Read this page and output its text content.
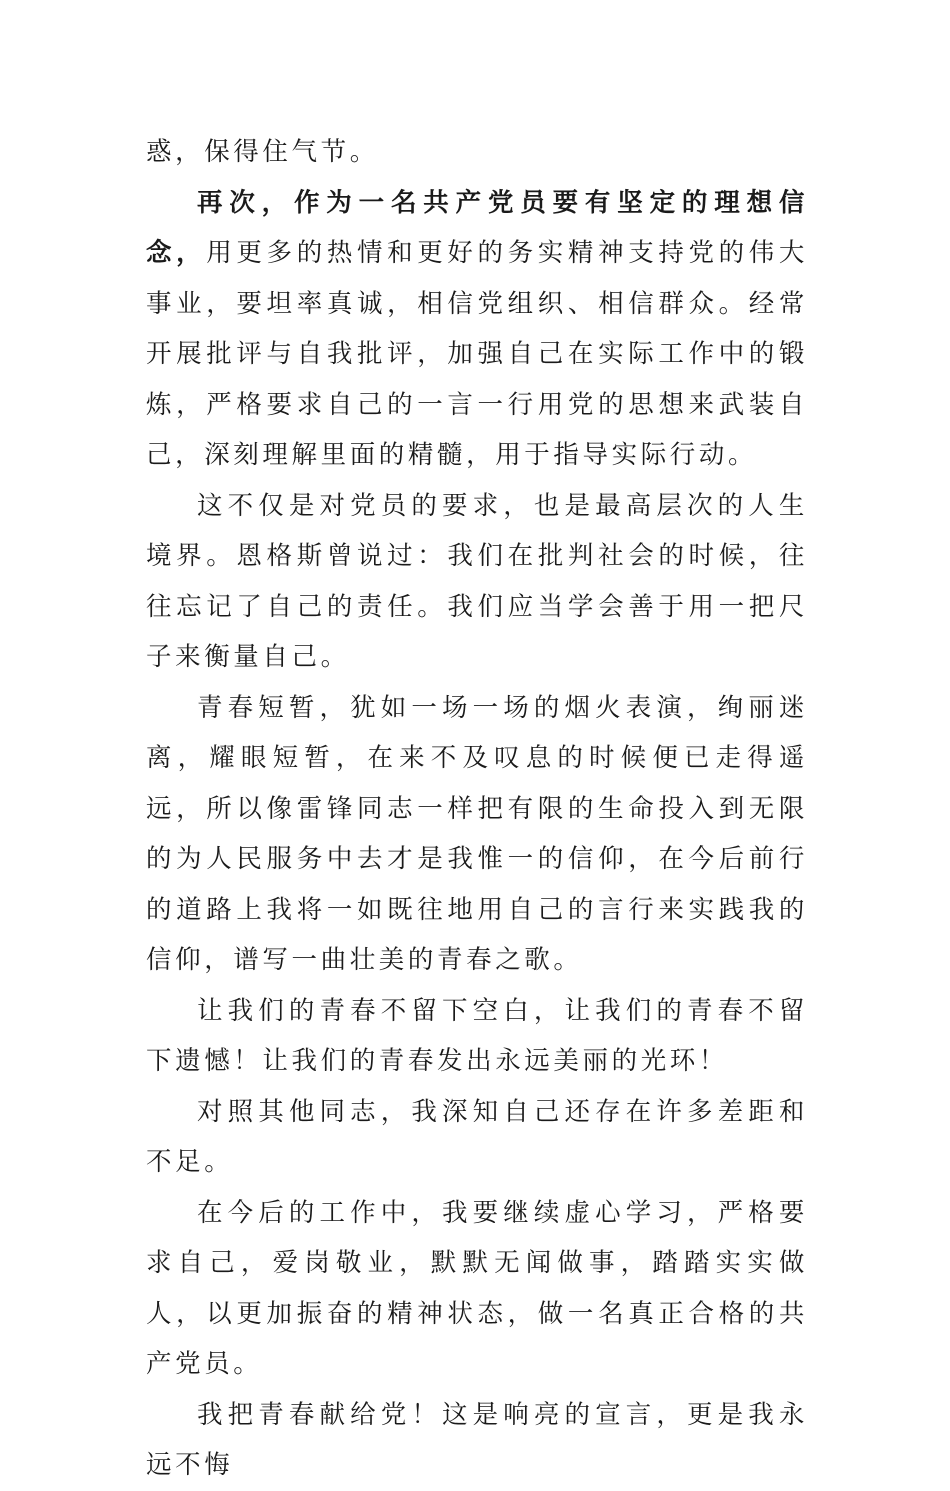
惑，保得住气节。

再次，作为一名共产党员要有坚定的理想信念，用更多的热情和更好的务实精神支持党的伟大事业，要坦率真诚，相信党组织、相信群众。经常开展批评与自我批评，加强自己在实际工作中的锻炼，严格要求自己的一言一行用党的思想来武装自己，深刻理解里面的精髓，用于指导实际行动。

这不仅是对党员的要求，也是最高层次的人生境界。恩格斯曾说过：我们在批判社会的时候，往往忘记了自己的责任。我们应当学会善于用一把尺子来衡量自己。

青春短暂，犹如一场一场的烟火表演，绚丽迷离，耀眼短暂，在来不及叹息的时候便已走得遥远，所以像雷锋同志一样把有限的生命投入到无限的为人民服务中去才是我惟一的信仰，在今后前行的道路上我将一如既往地用自己的言行来实践我的信仰，谱写一曲壮美的青春之歌。

让我们的青春不留下空白，让我们的青春不留下遗憾！让我们的青春发出永远美丽的光环！

对照其他同志，我深知自己还存在许多差距和不足。

在今后的工作中，我要继续虚心学习，严格要求自己，爱岗敬业，默默无闻做事，踏踏实实做人，以更加振奋的精神状态，做一名真正合格的共产党员。

我把青春献给党！这是响亮的宣言，更是我永远不悔
